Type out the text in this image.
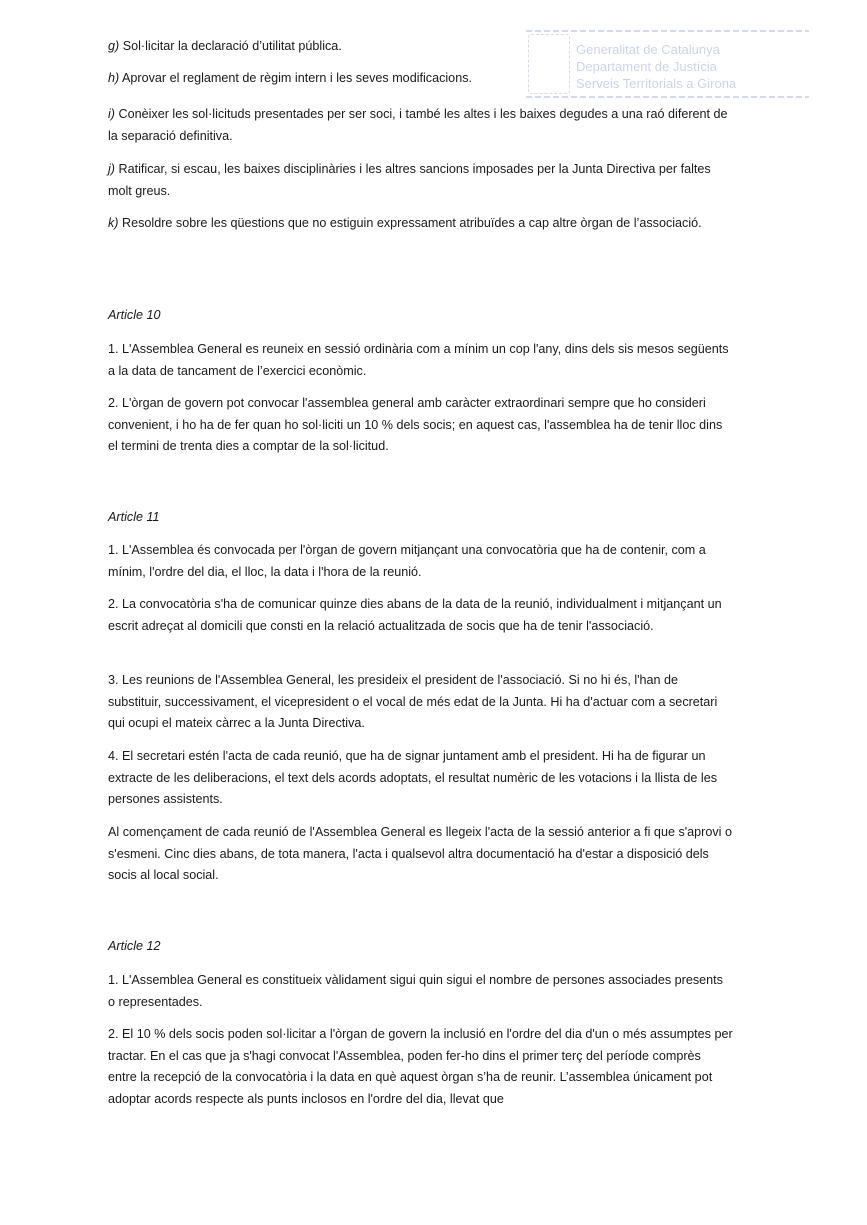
Generalitat de Catalunya
Departament de Justícia
Serveis Territorials a Girona

g) Sol·licitar la declaració d’utilitat pública.

h) Aprovar el reglament de règim intern i les seves modificacions.

i) Conèixer les sol·licituds presentades per ser soci, i també les altes i les baixes degudes a una raó diferent de la separació definitiva.

j) Ratificar, si escau, les baixes disciplinàries i les altres sancions imposades per la Junta Directiva per faltes molt greus.

k) Resoldre sobre les qüestions que no estiguin expressament atribuïdes a cap altre òrgan de l’associació.

Article 10

1. L'Assemblea General es reuneix en sessió ordinària com a mínim un cop l'any, dins dels sis mesos següents a la data de tancament de l’exercici econòmic.

2. L'òrgan de govern pot convocar l'assemblea general amb caràcter extraordinari sempre que ho consideri convenient, i ho ha de fer quan ho sol·liciti un 10 % dels socis; en aquest cas, l'assemblea ha de tenir lloc dins el termini de trenta dies a comptar de la sol·licitud.

Article 11

1. L'Assemblea és convocada per l'òrgan de govern mitjançant una convocatòria que ha de contenir, com a mínim, l'ordre del dia, el lloc, la data i l'hora de la reunió.

2. La convocatòria s'ha de comunicar quinze dies abans de la data de la reunió, individualment i mitjançant un escrit adreçat al domicili que consti en la relació actualitzada de socis que ha de tenir l'associació.

3. Les reunions de l'Assemblea General, les presideix el president de l'associació. Si no hi és, l'han de substituir, successivament, el vicepresident o el vocal de més edat de la Junta. Hi ha d'actuar com a secretari qui ocupi el mateix càrrec a la Junta Directiva.

4. El secretari estén l'acta de cada reunió, que ha de signar juntament amb el president. Hi ha de figurar un extracte de les deliberacions, el text dels acords adoptats, el resultat numèric de les votacions i la llista de les persones assistents.

Al començament de cada reunió de l'Assemblea General es llegeix l'acta de la sessió anterior a fi que s'aprovi o s'esmeni. Cinc dies abans, de tota manera, l'acta i qualsevol altra documentació ha d'estar a disposició dels socis al local social.

Article 12

1. L'Assemblea General es constitueix vàlidament sigui quin sigui el nombre de persones associades presents o representades.

2. El 10 % dels socis poden sol·licitar a l'òrgan de govern la inclusió en l'ordre del dia d'un o més assumptes per tractar. En el cas que ja s'hagi convocat l'Assemblea, poden fer-ho dins el primer terç del període comprès entre la recepció de la convocatòria i la data en què aquest òrgan s’ha de reunir. L’assemblea únicament pot adoptar acords respecte als punts inclosos en l'ordre del dia, llevat que
